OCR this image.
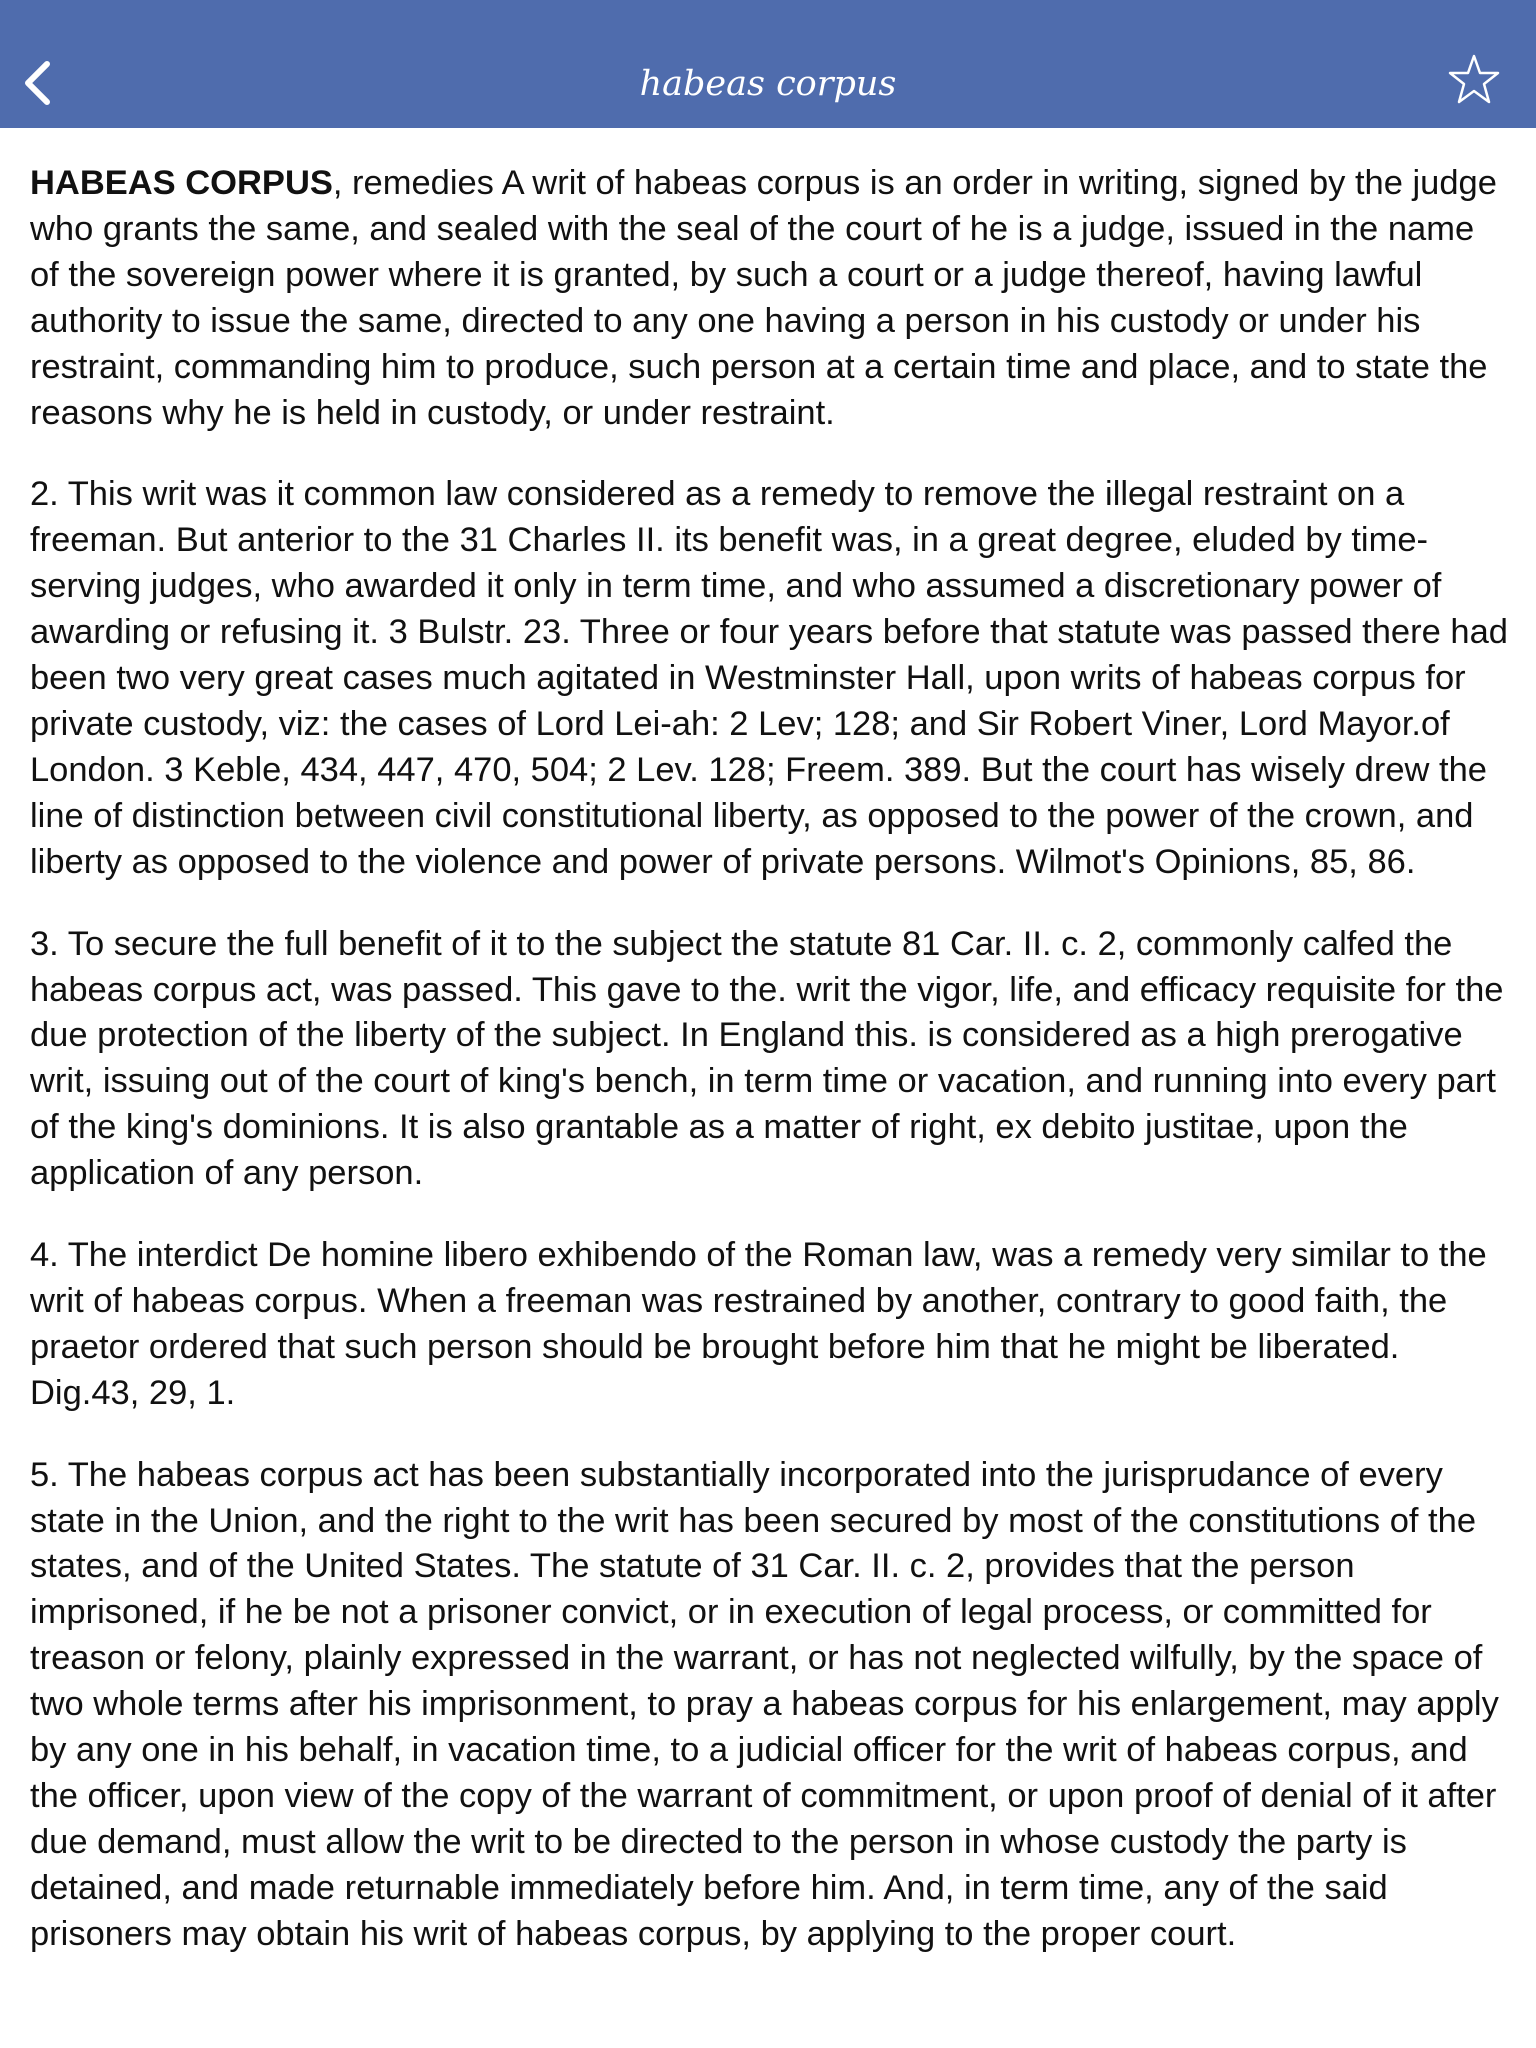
habeas corpus

HABEAS CORPUS, remedies A writ of habeas corpus is an order in writing, signed by the judge who grants the same, and sealed with the seal of the court of he is a judge, issued in the name of the sovereign power where it is granted, by such a court or a judge thereof, having lawful authority to issue the same, directed to any one having a person in his custody or under his restraint, commanding him to produce, such person at a certain time and place, and to state the reasons why he is held in custody, or under restraint.

2. This writ was it common law considered as a remedy to remove the illegal restraint on a freeman. But anterior to the 31 Charles II. its benefit was, in a great degree, eluded by time-serving judges, who awarded it only in term time, and who assumed a discretionary power of awarding or refusing it. 3 Bulstr. 23. Three or four years before that statute was passed there had been two very great cases much agitated in Westminster Hall, upon writs of habeas corpus for private custody, viz: the cases of Lord Lei-ah: 2 Lev; 128; and Sir Robert Viner, Lord Mayor.of London. 3 Keble, 434, 447, 470, 504; 2 Lev. 128; Freem. 389. But the court has wisely drew the line of distinction between civil constitutional liberty, as opposed to the power of the crown, and liberty as opposed to the violence and power of private persons. Wilmot's Opinions, 85, 86.

3. To secure the full benefit of it to the subject the statute 81 Car. II. c. 2, commonly calfed the habeas corpus act, was passed. This gave to the. writ the vigor, life, and efficacy requisite for the due protection of the liberty of the subject. In England this. is considered as a high prerogative writ, issuing out of the court of king's bench, in term time or vacation, and running into every part of the king's dominions. It is also grantable as a matter of right, ex debito justitae, upon the application of any person.

4. The interdict De homine libero exhibendo of the Roman law, was a remedy very similar to the writ of habeas corpus. When a freeman was restrained by another, contrary to good faith, the praetor ordered that such person should be brought before him that he might be liberated. Dig.43, 29, 1.

5. The habeas corpus act has been substantially incorporated into the jurisprudance of every state in the Union, and the right to the writ has been secured by most of the constitutions of the states, and of the United States. The statute of 31 Car. II. c. 2, provides that the person imprisoned, if he be not a prisoner convict, or in execution of legal process, or committed for treason or felony, plainly expressed in the warrant, or has not neglected wilfully, by the space of two whole terms after his imprisonment, to pray a habeas corpus for his enlargement, may apply by any one in his behalf, in vacation time, to a judicial officer for the writ of habeas corpus, and the officer, upon view of the copy of the warrant of commitment, or upon proof of denial of it after due demand, must allow the writ to be directed to the person in whose custody the party is detained, and made returnable immediately before him. And, in term time, any of the said prisoners may obtain his writ of habeas corpus, by applying to the proper court.
